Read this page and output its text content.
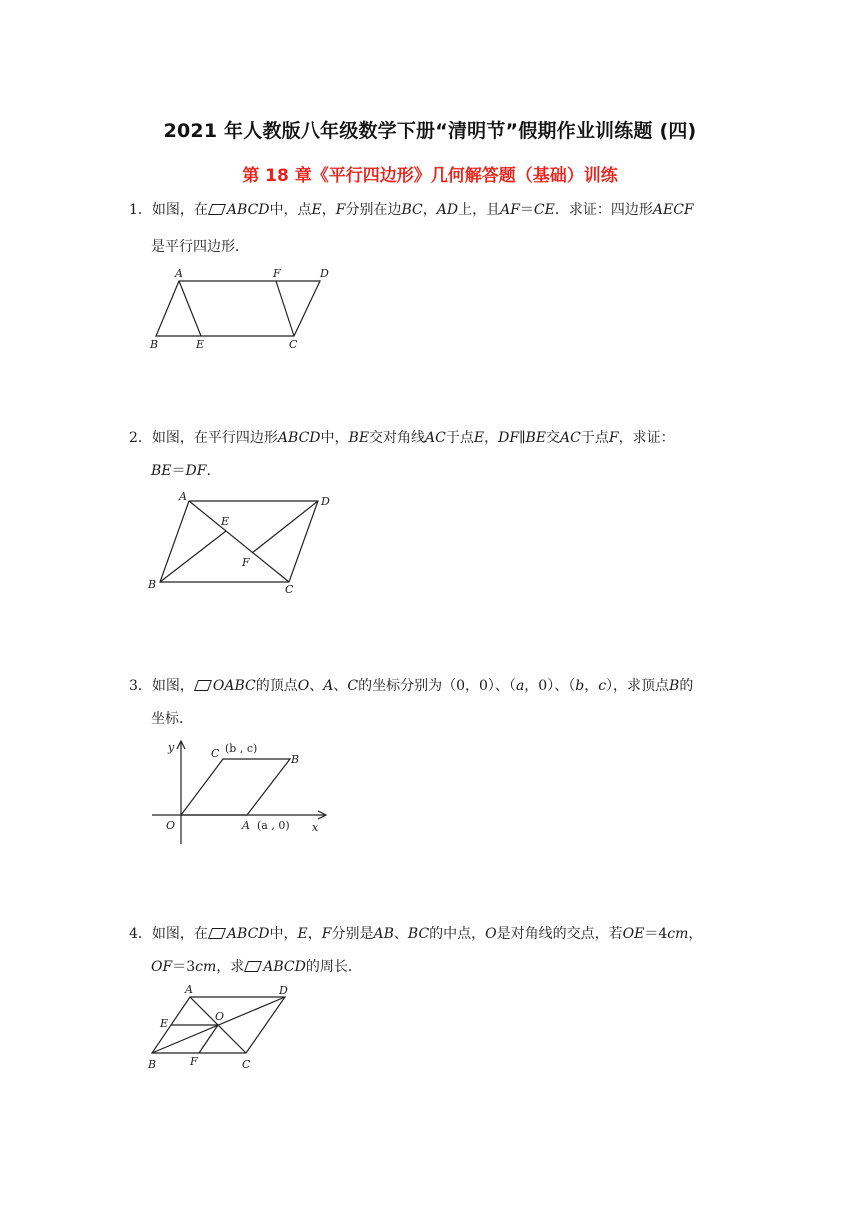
2021 年人教版八年级数学下册“清明节”假期作业训练题 (四)
第 18 章《平行四边形》几何解答题（基础）训练
1．如图，在 ABCD中，点E，F分别在边BC，AD上，且AF＝CE．求证：四边形AECF
是平行四边形．
A	F	D
B	E	C
2．如图，在平行四边形ABCD中，BE交对角线AC于点E，DF∥BE交AC于点F，求证：
BE＝DF．
A	D
E
F
B	C
3．如图， OABC的顶点O、A、C的坐标分别为（0，0）、（a，0）、（b，c），求顶点B的
坐标．
y
x
O	A (a , 0)
C (b , c)
B
4．如图，在 ABCD中，E，F分别是AB、BC的中点，O是对角线的交点，若OE＝4cm，
OF＝3cm，求 ABCD的周长．
A	D
E
O
B	F	C
